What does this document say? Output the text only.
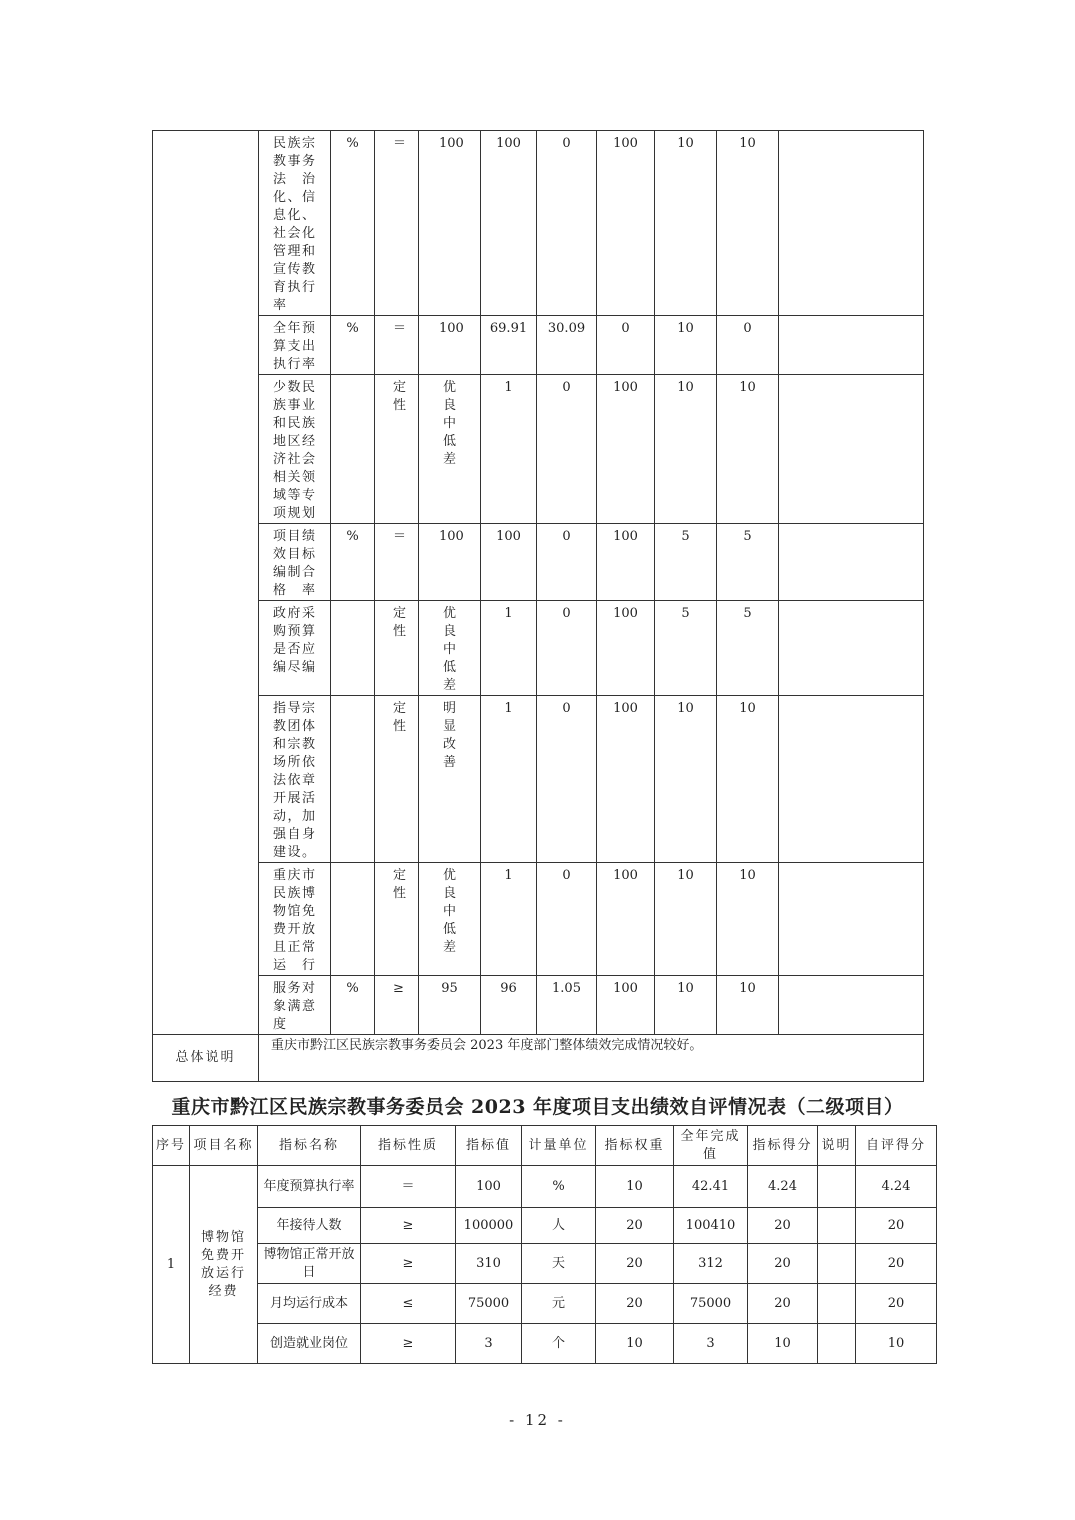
	民族宗教事务法治化、信息化、社会化管理和宣传教育执行率	%	＝	100	100	0	100	10	10	
	全年预算支出执行率	%	＝	100	69.91	30.09	0	10	0	
	少数民族事业和民族地区经济社会相关领域等专项规划		定性	优良中低差	1	0	100	10	10	
	项目绩效目标编制合格率	%	＝	100	100	0	100	5	5	
	政府采购预算是否应编尽编		定性	优良中低差	1	0	100	5	5	
	指导宗教团体和宗教场所依法依章开展活动，加强自身建设。		定性	明显改善	1	0	100	10	10	
	重庆市民族博物馆免费开放且正常运行		定性	优良中低差	1	0	100	10	10	
	服务对象满意度	%	≥	95	96	1.05	100	10	10	
总体说明	重庆市黔江区民族宗教事务委员会 2023 年度部门整体绩效完成情况较好。									
重庆市黔江区民族宗教事务委员会 2023 年度项目支出绩效自评情况表（二级项目）
序号	项目名称	指标名称	指标性质	指标值	计量单位	指标权重	全年完成值	指标得分	说明	自评得分
1	博物馆免费开放运行经费	年度预算执行率	＝	100	%	10	42.41	4.24		4.24
		年接待人数	≥	100000	人	20	100410	20		20
		博物馆正常开放日	≥	310	天	20	312	20		20
		月均运行成本	≤	75000	元	20	75000	20		20
		创造就业岗位	≥	3	个	10	3	10		10
- 12 -
